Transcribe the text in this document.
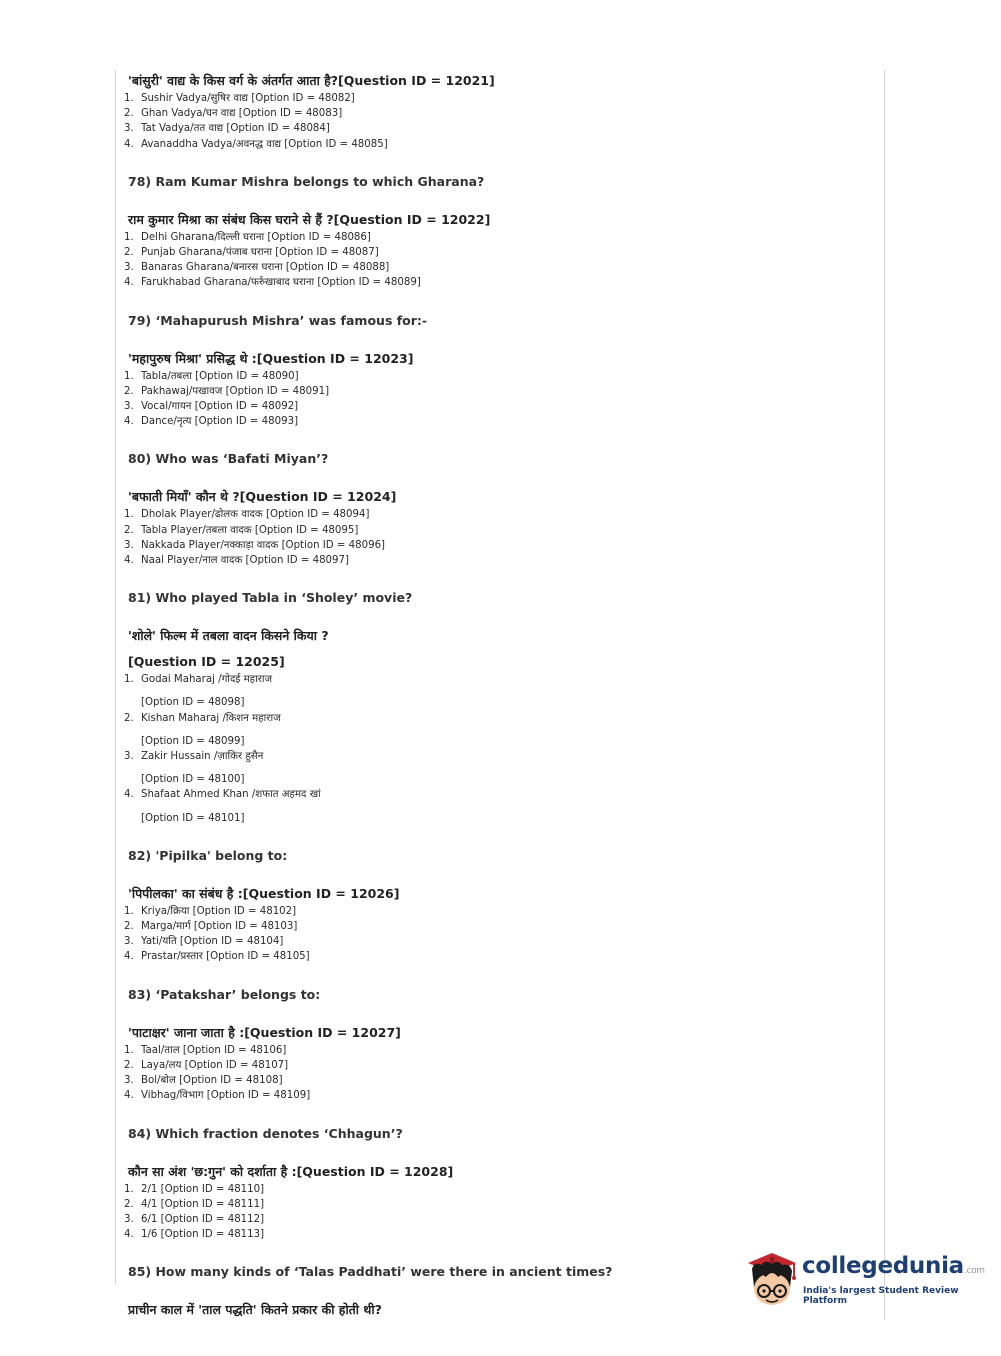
'बांसुरी' वाद्य के किस वर्ग के अंतर्गत आता है?[Question ID = 12021]
1. Sushir Vadya/सुषिर वाद्य [Option ID = 48082]
2. Ghan Vadya/घन वाद्य [Option ID = 48083]
3. Tat Vadya/तत वाद्य [Option ID = 48084]
4. Avanaddha Vadya/अवनद्ध वाद्य [Option ID = 48085]
78) Ram Kumar Mishra belongs to which Gharana?
राम कुमार मिश्रा का संबंध किस घराने से हैं ?[Question ID = 12022]
1. Delhi Gharana/दिल्ली घराना [Option ID = 48086]
2. Punjab Gharana/पंजाब घराना [Option ID = 48087]
3. Banaras Gharana/बनारस घराना [Option ID = 48088]
4. Farukhabad Gharana/फर्रुखाबाद घराना [Option ID = 48089]
79) ‘Mahapurush Mishra’ was famous for:-
'महापुरुष मिश्रा' प्रसिद्ध थे :[Question ID = 12023]
1. Tabla/तबला [Option ID = 48090]
2. Pakhawaj/पखावज [Option ID = 48091]
3. Vocal/गायन [Option ID = 48092]
4. Dance/नृत्य [Option ID = 48093]
80) Who was ‘Bafati Miyan’?
'बफाती मियाँ' कौन थे ?[Question ID = 12024]
1. Dholak Player/ढोलक वादक [Option ID = 48094]
2. Tabla Player/तबला वादक [Option ID = 48095]
3. Nakkada Player/नक्काड़ा वादक [Option ID = 48096]
4. Naal Player/नाल वादक [Option ID = 48097]
81) Who played Tabla in ‘Sholey’ movie?
'शोले' फिल्म में तबला वादन किसने किया ?
[Question ID = 12025]
1. Godai Maharaj /गोदई महाराज
[Option ID = 48098]
2. Kishan Maharaj /किशन महाराज
[Option ID = 48099]
3. Zakir Hussain /ज़ाकिर हुसैन
[Option ID = 48100]
4. Shafaat Ahmed Khan /शफात अहमद खां
[Option ID = 48101]
82) 'Pipilka' belong to:
'पिपीलका' का संबंध है :[Question ID = 12026]
1. Kriya/क्रिया [Option ID = 48102]
2. Marga/मार्ग [Option ID = 48103]
3. Yati/यति [Option ID = 48104]
4. Prastar/प्रस्तार [Option ID = 48105]
83) ‘Patakshar’ belongs to:
'पाटाक्षर' जाना जाता है :[Question ID = 12027]
1. Taal/ताल [Option ID = 48106]
2. Laya/लय [Option ID = 48107]
3. Bol/बोल [Option ID = 48108]
4. Vibhag/विभाग [Option ID = 48109]
84) Which fraction denotes ‘Chhagun’?
कौन सा अंश 'छ:गुन' को दर्शाता है :[Question ID = 12028]
1. 2/1 [Option ID = 48110]
2. 4/1 [Option ID = 48111]
3. 6/1 [Option ID = 48112]
4. 1/6 [Option ID = 48113]
85) How many kinds of ‘Talas Paddhati’ were there in ancient times?
प्राचीन काल में 'ताल पद्धति' कितने प्रकार की होती थी?
collegedunia.com
India's largest Student Review Platform
